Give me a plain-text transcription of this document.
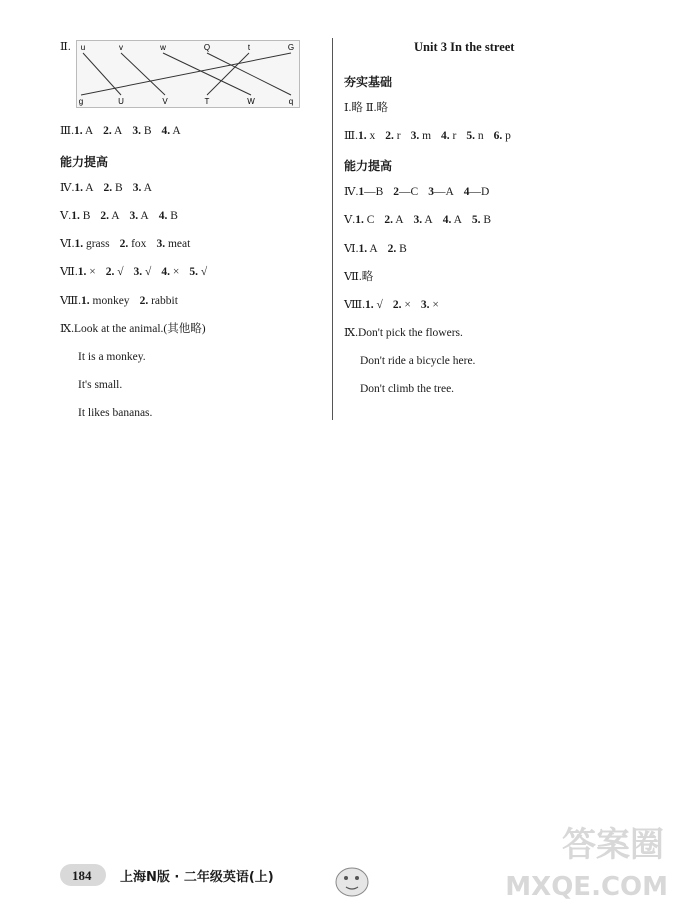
Ⅱ. u	v	w	Q	t	G
g	U	V	T	W	q
Ⅲ.1. A 2. A 3. B 4. A
能力提高
Ⅳ.1. A 2. B 3. A
Ⅴ.1. B 2. A 3. A 4. B
Ⅵ.1. grass 2. fox 3. meat
Ⅶ.1. × 2. √ 3. √ 4. × 5. √
Ⅷ.1. monkey 2. rabbit
Ⅸ.Look at the animal.(其他略)
It is a monkey.
It's small.
It likes bananas.
Unit 3 In the street
夯实基础
Ⅰ.略 Ⅱ.略
Ⅲ.1. x 2. r 3. m 4. r 5. n 6. p
能力提高
Ⅳ.1—B 2—C 3—A 4—D
Ⅴ.1. C 2. A 3. A 4. A 5. B
Ⅵ.1. A 2. B
Ⅶ.略
Ⅷ.1. √ 2. × 3. ×
Ⅸ.Don't pick the flowers.
Don't ride a bicycle here.
Don't climb the tree.
184 上海N版 · 二年级英语(上)
答案圈
MXQE.COM
